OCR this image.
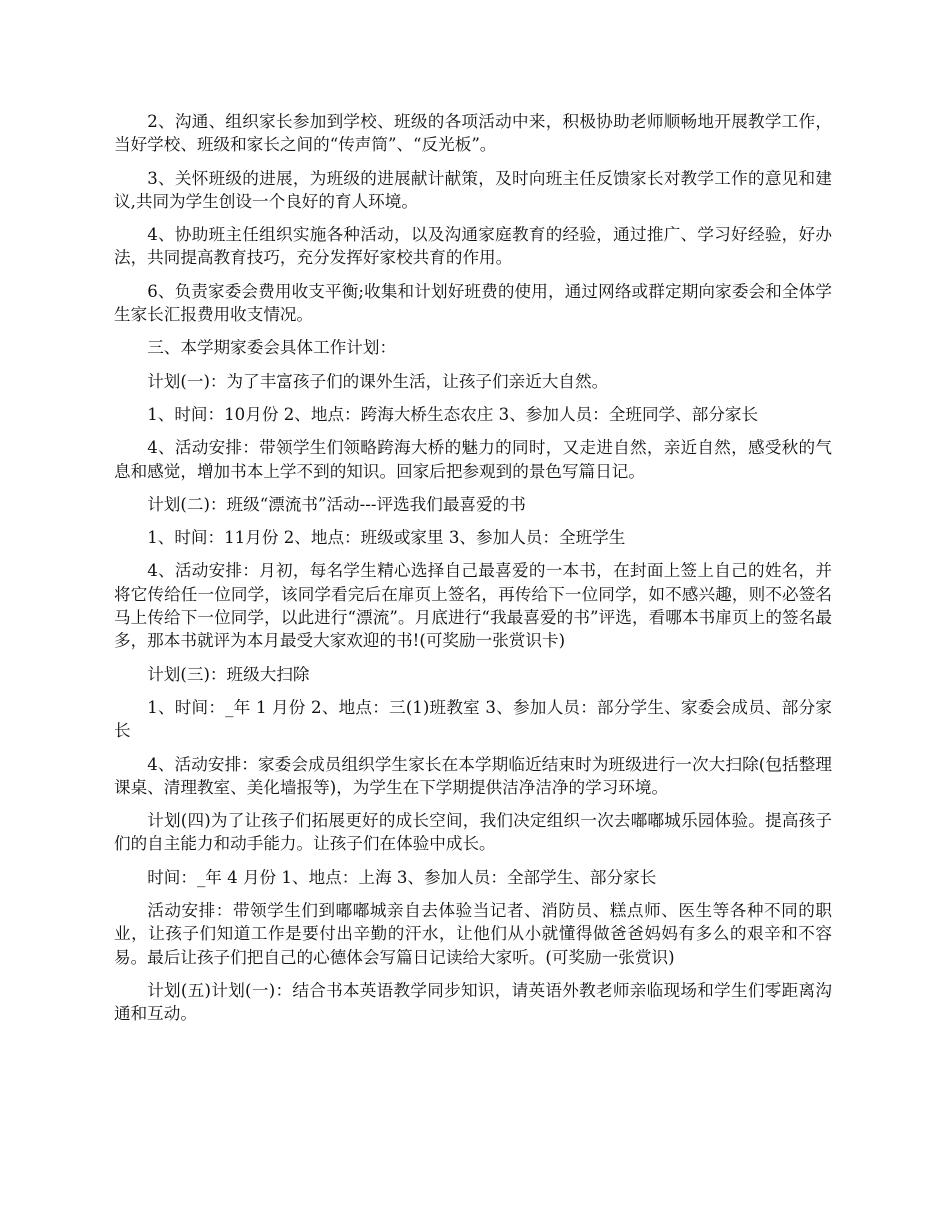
2、沟通、组织家长参加到学校、班级的各项活动中来，积极协助老师顺畅地开展教学工作，当好学校、班级和家长之间的“传声筒”、“反光板”。

3、关怀班级的进展，为班级的进展献计献策，及时向班主任反馈家长对教学工作的意见和建议,共同为学生创设一个良好的育人环境。

4、协助班主任组织实施各种活动，以及沟通家庭教育的经验，通过推广、学习好经验，好办法，共同提高教育技巧，充分发挥好家校共育的作用。

6、负责家委会费用收支平衡;收集和计划好班费的使用，通过网络或群定期向家委会和全体学生家长汇报费用收支情况。

三、本学期家委会具体工作计划：

计划(一)：为了丰富孩子们的课外生活，让孩子们亲近大自然。

1、时间：10月份 2、地点：跨海大桥生态农庄 3、参加人员：全班同学、部分家长

4、活动安排：带领学生们领略跨海大桥的魅力的同时，又走进自然，亲近自然，感受秋的气息和感觉，增加书本上学不到的知识。回家后把参观到的景色写篇日记。

计划(二)：班级“漂流书”活动---评选我们最喜爱的书

1、时间：11月份 2、地点：班级或家里 3、参加人员：全班学生

4、活动安排：月初，每名学生精心选择自己最喜爱的一本书，在封面上签上自己的姓名，并将它传给任一位同学，该同学看完后在扉页上签名，再传给下一位同学，如不感兴趣，则不必签名马上传给下一位同学，以此进行“漂流”。月底进行“我最喜爱的书”评选，看哪本书扉页上的签名最多，那本书就评为本月最受大家欢迎的书!(可奖励一张赏识卡)

计划(三)：班级大扫除

1、时间：_年 1 月份 2、地点：三(1)班教室 3、参加人员：部分学生、家委会成员、部分家长

4、活动安排：家委会成员组织学生家长在本学期临近结束时为班级进行一次大扫除(包括整理课桌、清理教室、美化墙报等)，为学生在下学期提供洁净洁净的学习环境。

计划(四)为了让孩子们拓展更好的成长空间，我们决定组织一次去嘟嘟城乐园体验。提高孩子们的自主能力和动手能力。让孩子们在体验中成长。

时间：_年 4 月份 1、地点：上海 3、参加人员：全部学生、部分家长

活动安排：带领学生们到嘟嘟城亲自去体验当记者、消防员、糕点师、医生等各种不同的职业，让孩子们知道工作是要付出辛勤的汗水，让他们从小就懂得做爸爸妈妈有多么的艰辛和不容易。最后让孩子们把自己的心德体会写篇日记读给大家听。(可奖励一张赏识)

计划(五)计划(一)：结合书本英语教学同步知识，请英语外教老师亲临现场和学生们零距离沟通和互动。
